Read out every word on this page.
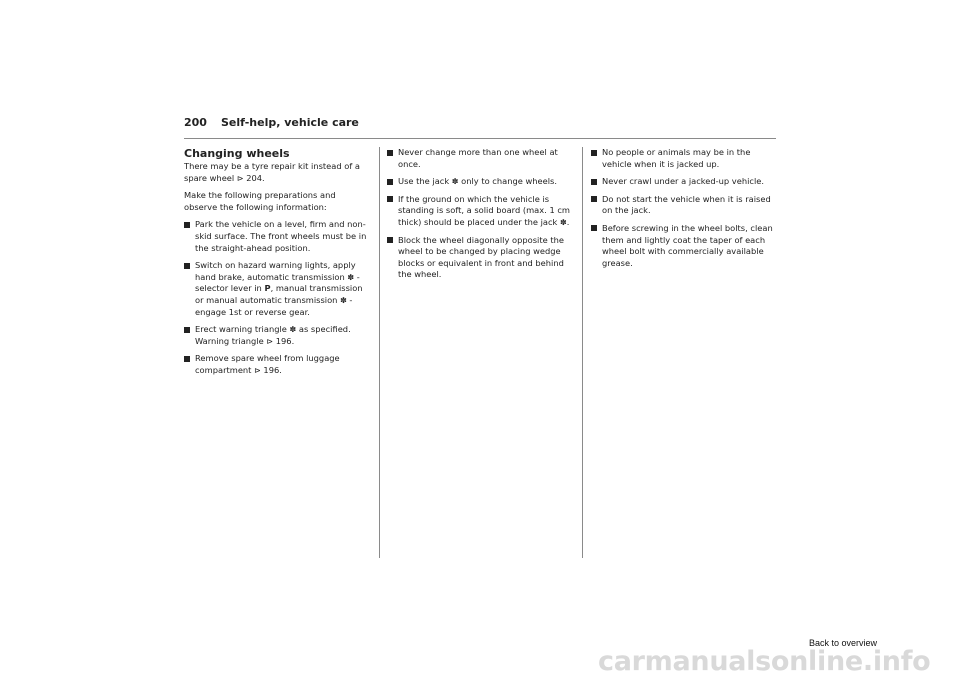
200 Self-help, vehicle care
Changing wheels

There may be a tyre repair kit instead of a spare wheel ⊳ 204.

Make the following preparations and observe the following information:

Park the vehicle on a level, firm and non-skid surface. The front wheels must be in the straight-ahead position.
Switch on hazard warning lights, apply hand brake, automatic transmission ✽ - selector lever in P, manual transmission or manual automatic transmission ✽ - engage 1st or reverse gear.
Erect warning triangle ✽ as specified. Warning triangle ⊳ 196.
Remove spare wheel from luggage compartment ⊳ 196.
Never change more than one wheel at once.
Use the jack ✽ only to change wheels.
If the ground on which the vehicle is standing is soft, a solid board (max. 1 cm thick) should be placed under the jack ✽.
Block the wheel diagonally opposite the wheel to be changed by placing wedge blocks or equivalent in front and behind the wheel.
No people or animals may be in the vehicle when it is jacked up.
Never crawl under a jacked-up vehicle.
Do not start the vehicle when it is raised on the jack.
Before screwing in the wheel bolts, clean them and lightly coat the taper of each wheel bolt with commercially available grease.
Back to overview
carmanualsonline.info
